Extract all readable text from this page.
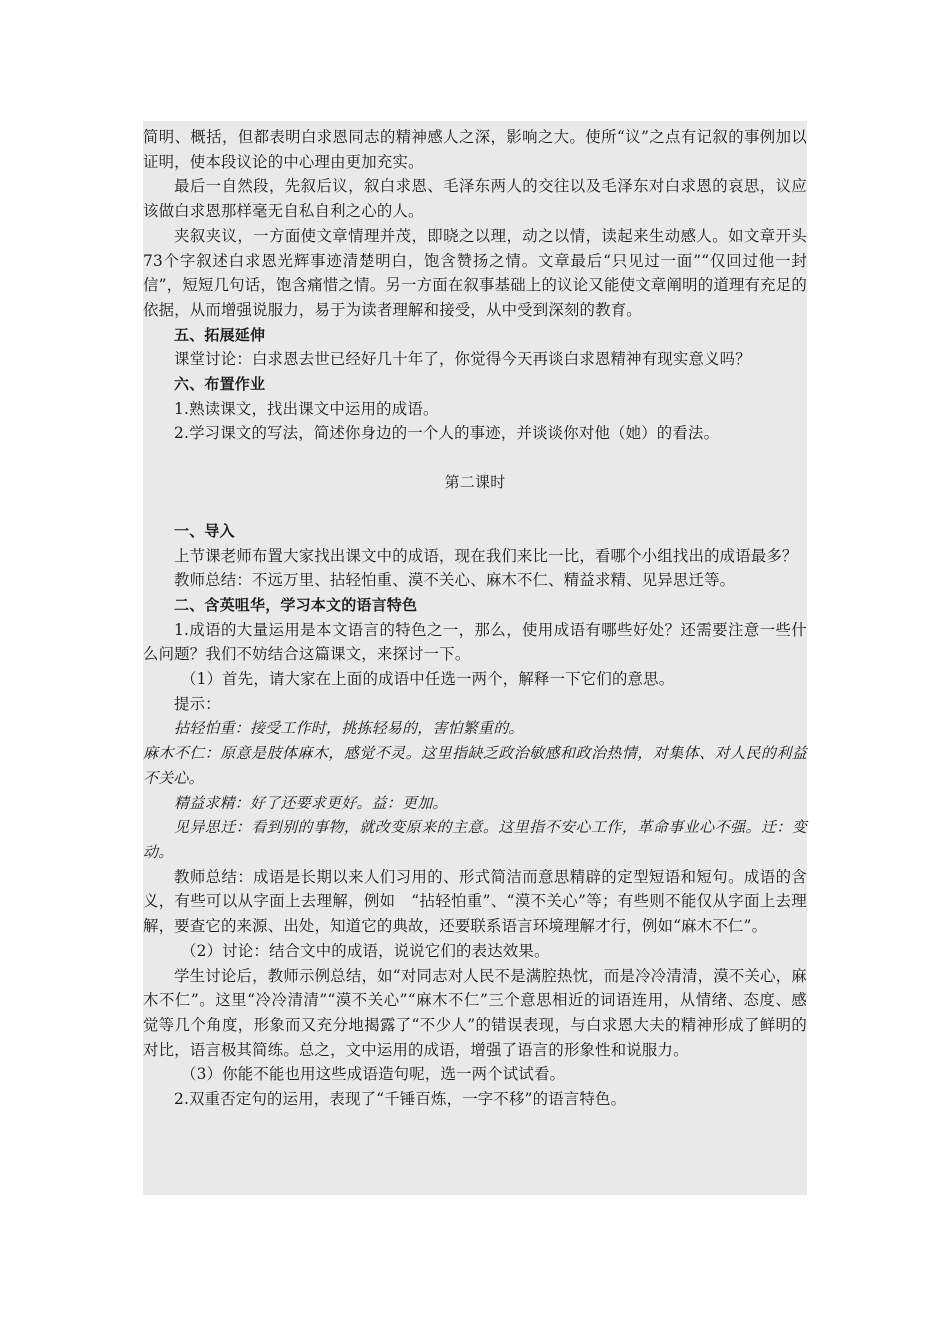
简明、概括，但都表明白求恩同志的精神感人之深，影响之大。使所“议”之点有记叙的事例加以证明，使本段议论的中心理由更加充实。

最后一自然段，先叙后议，叙白求恩、毛泽东两人的交往以及毛泽东对白求恩的哀思，议应该做白求恩那样毫无自私自利之心的人。

夹叙夹议，一方面使文章情理并茂，即晓之以理，动之以情，读起来生动感人。如文章开头73个字叙述白求恩光辉事迹清楚明白，饱含赞扬之情。文章最后“只见过一面”“仅回过他一封信”，短短几句话，饱含痛惜之情。另一方面在叙事基础上的议论又能使文章阐明的道理有充足的依据，从而增强说服力，易于为读者理解和接受，从中受到深刻的教育。

五、拓展延伸

课堂讨论：白求恩去世已经好几十年了，你觉得今天再谈白求恩精神有现实意义吗？

六、布置作业

1.熟读课文，找出课文中运用的成语。

2.学习课文的写法，简述你身边的一个人的事迹，并谈谈你对他（她）的看法。

第二课时

一、导入

上节课老师布置大家找出课文中的成语，现在我们来比一比，看哪个小组找出的成语最多？

教师总结：不远万里、拈轻怕重、漠不关心、麻木不仁、精益求精、见异思迁等。

二、含英咀华，学习本文的语言特色

1.成语的大量运用是本文语言的特色之一，那么，使用成语有哪些好处？还需要注意一些什么问题？我们不妨结合这篇课文，来探讨一下。

（1）首先，请大家在上面的成语中任选一两个，解释一下它们的意思。

提示：

拈轻怕重：接受工作时，挑拣轻易的，害怕繁重的。

麻木不仁：原意是肢体麻木，感觉不灵。这里指缺乏政治敏感和政治热情，对集体、对人民的利益不关心。

精益求精：好了还要求更好。益：更加。

见异思迁：看到别的事物，就改变原来的主意。这里指不安心工作，革命事业心不强。迁：变动。

教师总结：成语是长期以来人们习用的、形式简洁而意思精辟的定型短语和短句。成语的含义，有些可以从字面上去理解，例如　“拈轻怕重”、“漠不关心”等；有些则不能仅从字面上去理解，要查它的来源、出处，知道它的典故，还要联系语言环境理解才行，例如“麻木不仁”。

（2）讨论：结合文中的成语，说说它们的表达效果。

学生讨论后，教师示例总结，如“对同志对人民不是满腔热忱，而是冷冷清清，漠不关心，麻木不仁”。这里“冷冷清清”“漠不关心”“麻木不仁”三个意思相近的词语连用，从情绪、态度、感觉等几个角度，形象而又充分地揭露了“不少人”的错误表现，与白求恩大夫的精神形成了鲜明的对比，语言极其简练。总之，文中运用的成语，增强了语言的形象性和说服力。

（3）你能不能也用这些成语造句呢，选一两个试试看。

2.双重否定句的运用，表现了“千锤百炼，一字不移”的语言特色。
